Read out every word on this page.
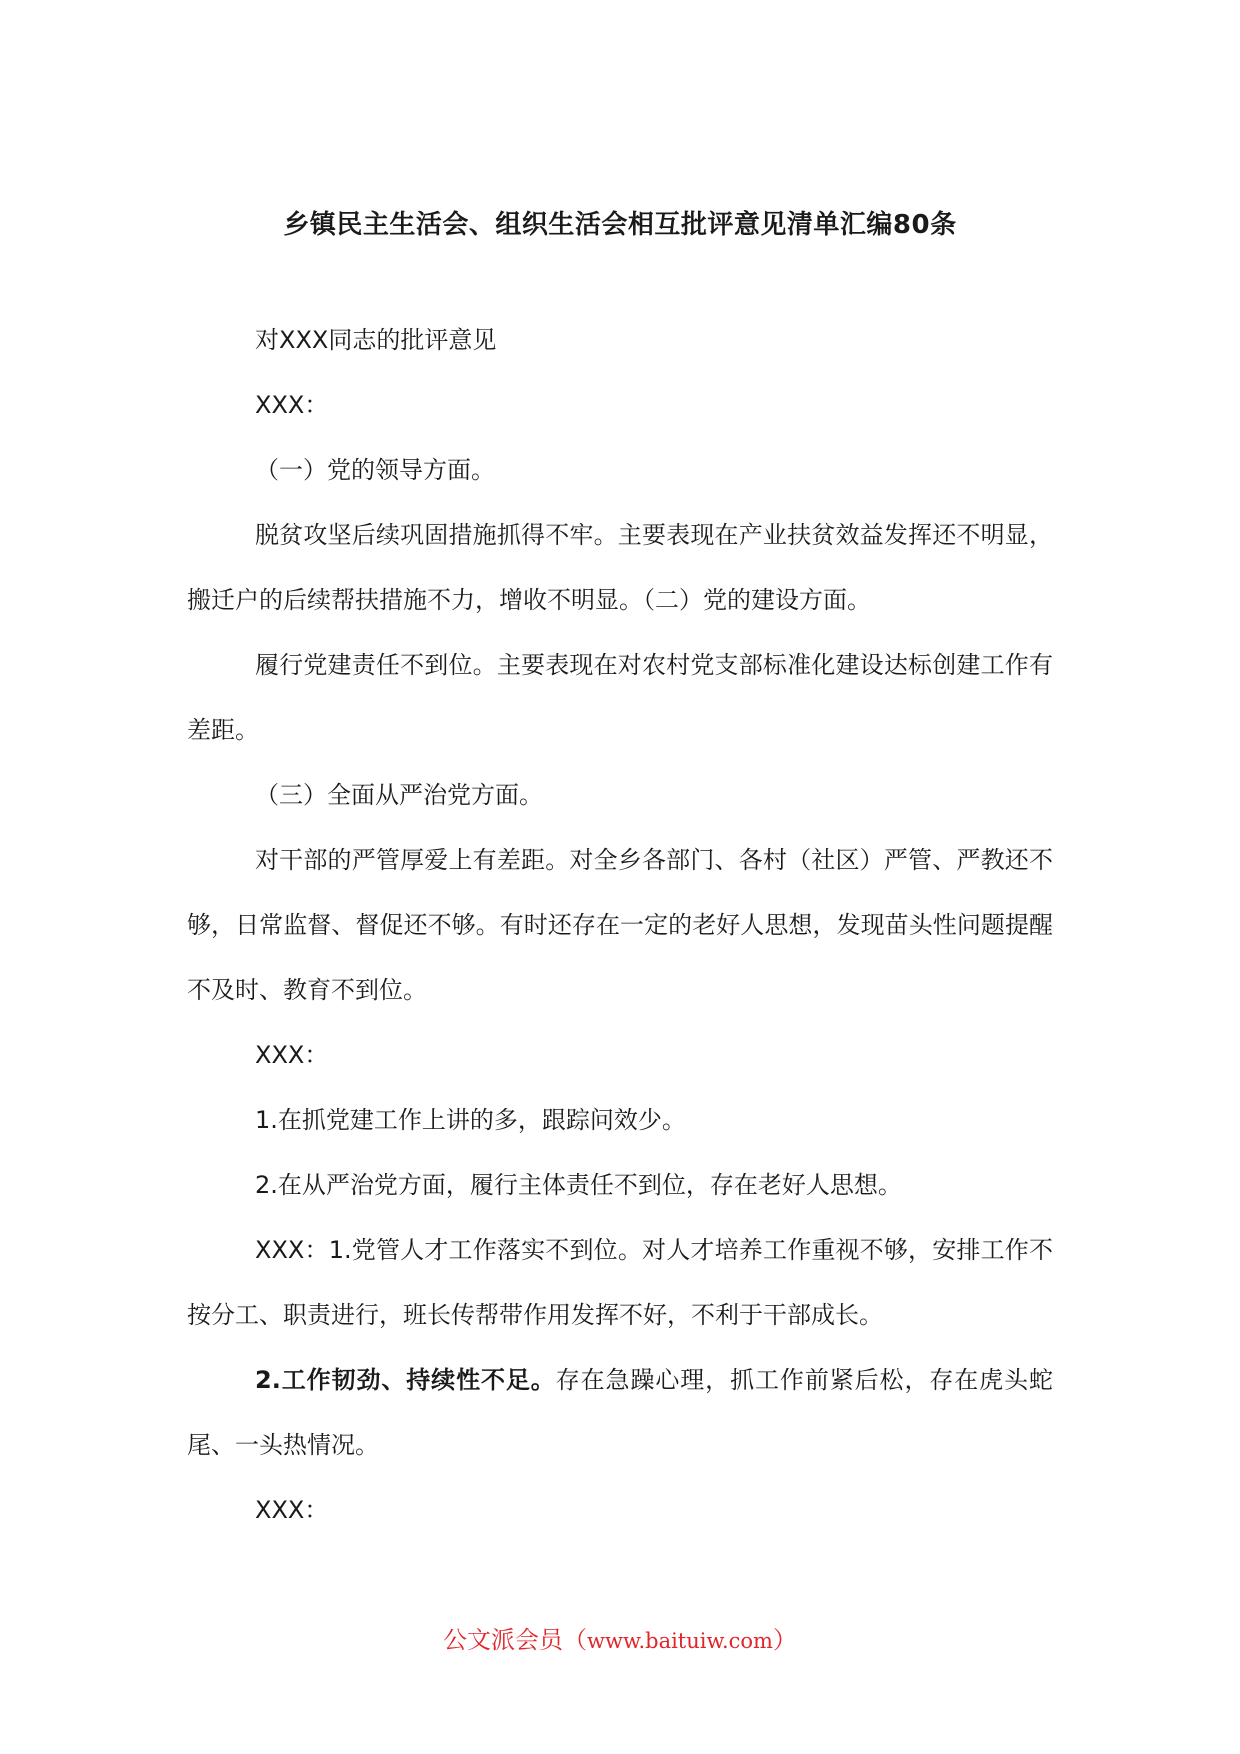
乡镇民主生活会、组织生活会相互批评意见清单汇编80条

对XXX同志的批评意见

XXX：

（一）党的领导方面。

脱贫攻坚后续巩固措施抓得不牢。主要表现在产业扶贫效益发挥还不明显，搬迁户的后续帮扶措施不力，增收不明显。（二）党的建设方面。

履行党建责任不到位。主要表现在对农村党支部标准化建设达标创建工作有差距。

（三）全面从严治党方面。

对干部的严管厚爱上有差距。对全乡各部门、各村（社区）严管、严教还不够，日常监督、督促还不够。有时还存在一定的老好人思想，发现苗头性问题提醒不及时、教育不到位。

XXX：

1.在抓党建工作上讲的多，跟踪问效少。

2.在从严治党方面，履行主体责任不到位，存在老好人思想。

XXX：1.党管人才工作落实不到位。对人才培养工作重视不够，安排工作不按分工、职责进行，班长传帮带作用发挥不好，不利于干部成长。

2.工作韧劲、持续性不足。存在急躁心理，抓工作前紧后松，存在虎头蛇尾、一头热情况。

XXX：

公文派会员（www.baituiw.com）
